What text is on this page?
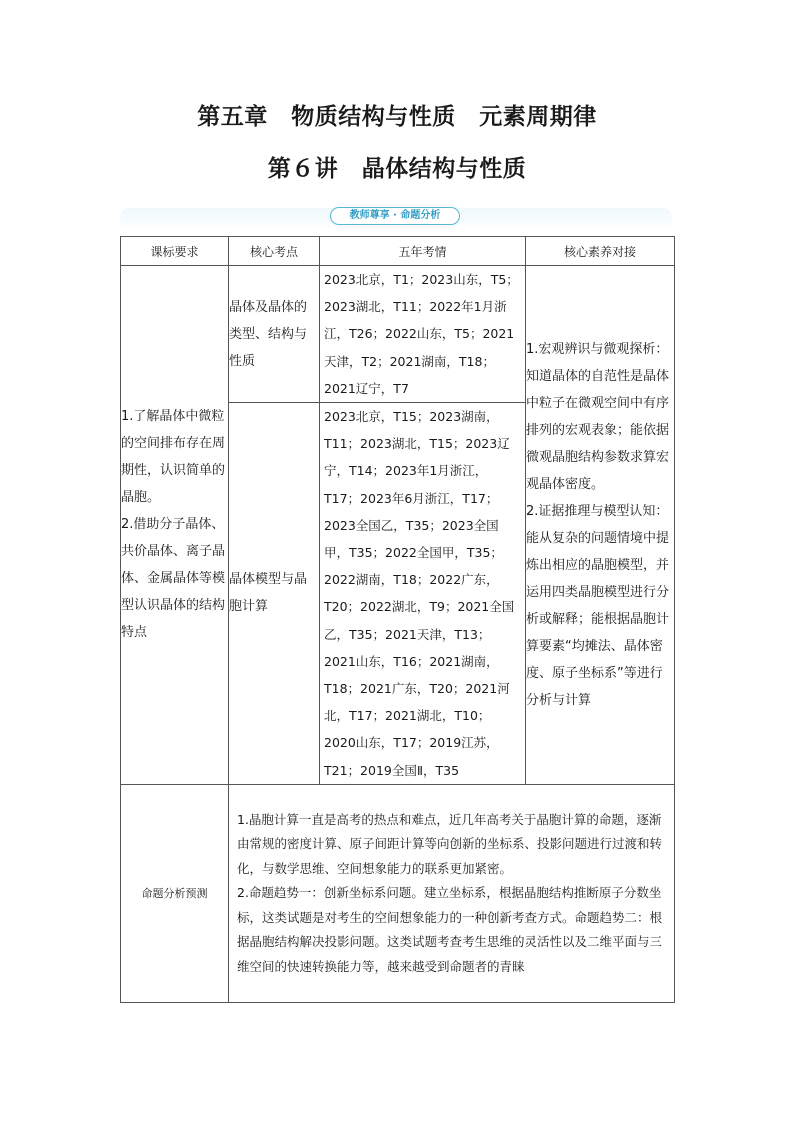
第五章　物质结构与性质　元素周期律
第６讲　晶体结构与性质
教师尊享 · 命题分析
课标要求	核心考点	五年考情	核心素养对接

1.了解晶体中微粒的空间排布存在周期性，认识简单的晶胞。
2.借助分子晶体、共价晶体、离子晶体、金属晶体等模型认识晶体的结构特点	晶体及晶体的类型、结构与性质	2023北京，T1；2023山东，T5；2023湖北，T11；2022年1月浙江，T26；2022山东，T5；2021天津，T2；2021湖南，T18；2021辽宁，T7	1.宏观辨识与微观探析：知道晶体的自范性是晶体中粒子在微观空间中有序排列的宏观表象；能依据微观晶胞结构参数求算宏观晶体密度。
2.证据推理与模型认知：能从复杂的问题情境中提炼出相应的晶胞模型，并运用四类晶胞模型进行分析或解释；能根据晶胞计算要素“均摊法、晶体密度、原子坐标系”等进行分析与计算

	晶体模型与晶胞计算	2023北京，T15；2023湖南，T11；2023湖北，T15；2023辽宁，T14；2023年1月浙江，T17；2023年6月浙江，T17；2023全国乙，T35；2023全国甲，T35；2022全国甲，T35；2022湖南，T18；2022广东，T20；2022湖北，T9；2021全国乙，T35；2021天津，T13；2021山东，T16；2021湖南，T18；2021广东，T20；2021河北，T17；2021湖北，T10；2020山东，T17；2019江苏，T21；2019全国Ⅱ，T35	
命题分析预测	1.晶胞计算一直是高考的热点和难点，近几年高考关于晶胞计算的命题，逐渐由常规的密度计算、原子间距计算等向创新的坐标系、投影问题进行过渡和转化，与数学思维、空间想象能力的联系更加紧密。
2.命题趋势一：创新坐标系问题。建立坐标系，根据晶胞结构推断原子分数坐标，这类试题是对考生的空间想象能力的一种创新考查方式。命题趋势二：根据晶胞结构解决投影问题。这类试题考查考生思维的灵活性以及二维平面与三维空间的快速转换能力等，越来越受到命题者的青睐		
